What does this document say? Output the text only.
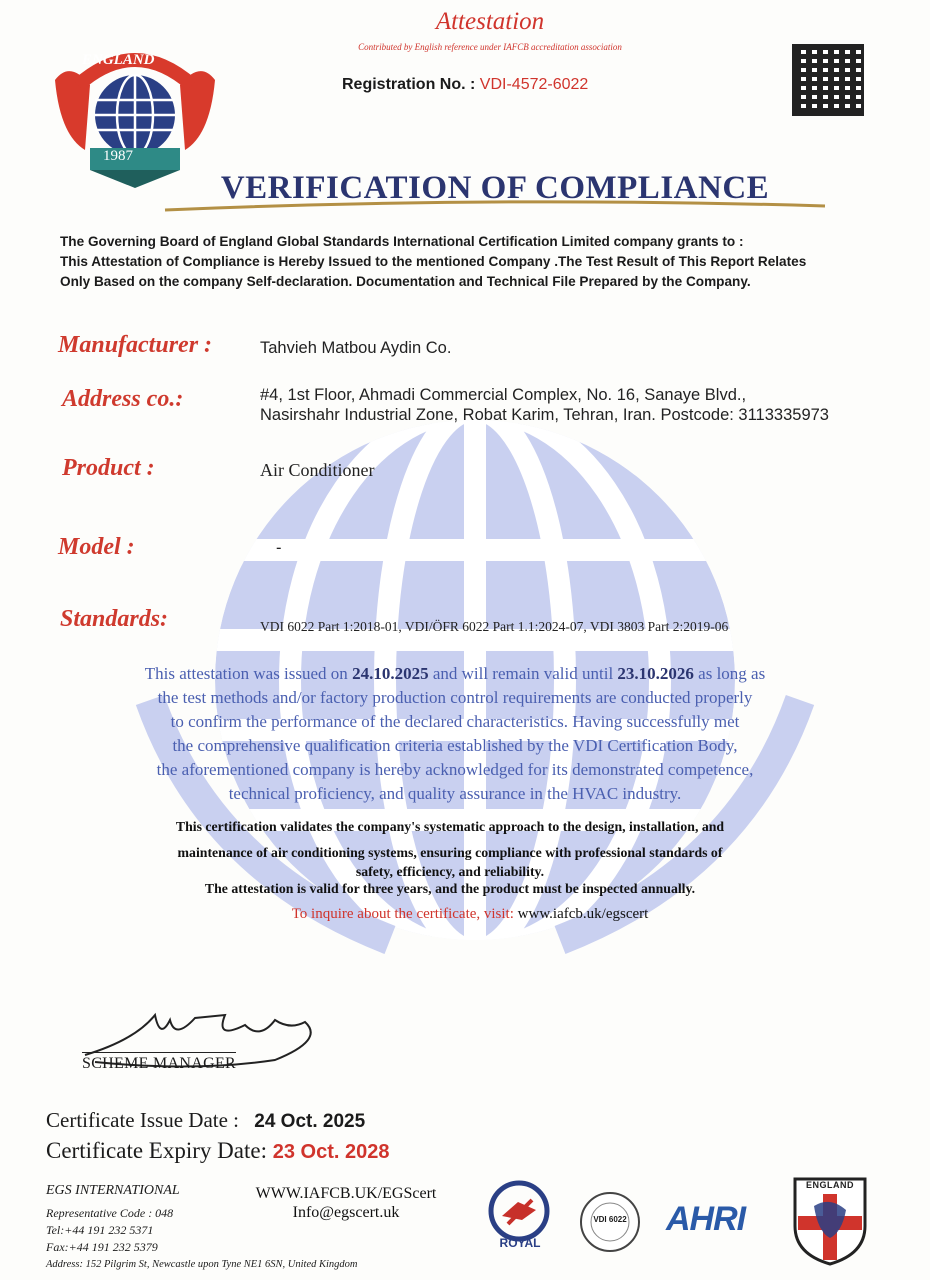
ENGLAND
1987
Attestation
Contributed by English reference under IAFCB accreditation association
Registration No. : VDI-4572-6022
VERIFICATION OF COMPLIANCE
The Governing Board of England Global Standards International Certification Limited company grants to :
This Attestation of Compliance is Hereby Issued to the mentioned Company .The Test Result of This Report Relates
Only Based on the company Self-declaration. Documentation and Technical File Prepared by the Company.
Manufacturer :	Tahvieh Matbou Aydin Co.
Address co.:	#4, 1st Floor, Ahmadi Commercial Complex, No. 16, Sanaye Blvd.,
Nasirshahr Industrial Zone, Robat Karim, Tehran, Iran. Postcode: 3113335973
Product :	Air Conditioner
Model :	-
Standards:	VDI 6022 Part 1:2018-01, VDI/ÖFR 6022 Part 1.1:2024-07, VDI 3803 Part 2:2019-06
This attestation was issued on 24.10.2025 and will remain valid until 23.10.2026 as long as
the test methods and/or factory production control requirements are conducted properly
to confirm the performance of the declared characteristics. Having successfully met
the comprehensive qualification criteria established by the VDI Certification Body,
the aforementioned company is hereby acknowledged for its demonstrated competence,
technical proficiency, and quality assurance in the HVAC industry.
This certification validates the company's systematic approach to the design, installation, and
maintenance of air conditioning systems, ensuring compliance with professional standards of
safety, efficiency, and reliability.
The attestation is valid for three years, and the product must be inspected annually.
To inquire about the certificate, visit: www.iafcb.uk/egscert
SCHEME MANAGER
Certificate Issue Date : 24 Oct. 2025
Certificate Expiry Date: 23 Oct. 2028
EGS INTERNATIONAL
Representative Code : 048
Tel:+44 191 232 5371
Fax:+44 191 232 5379
Address: 152 Pilgrim St, Newcastle upon Tyne NE1 6SN, United Kingdom
WWW.IAFCB.UK/EGScert
Info@egscert.uk
ROYAL
VDI 6022	AHRI
ENGLAND
